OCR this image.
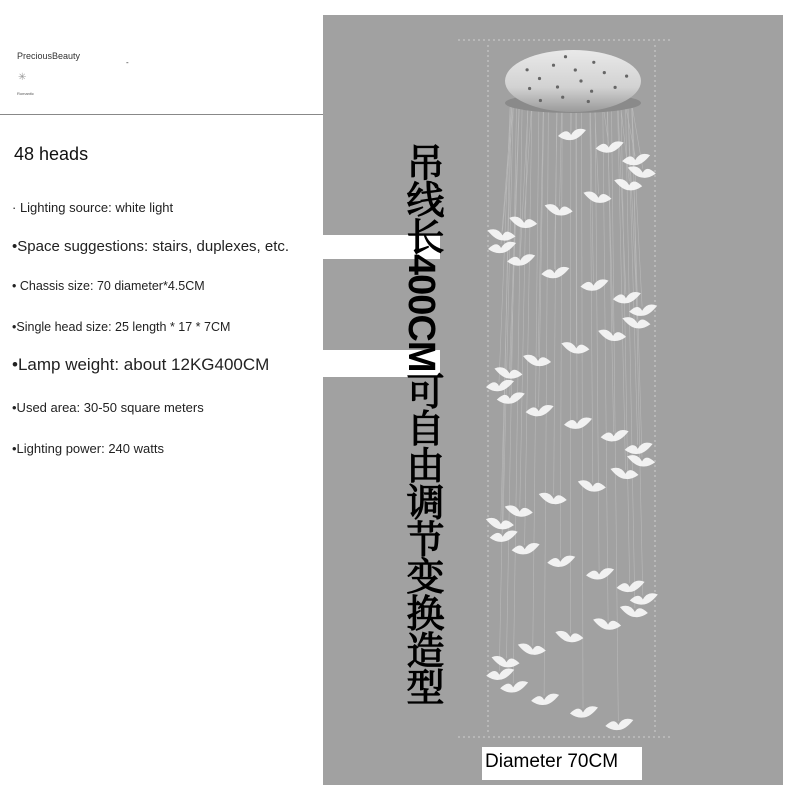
PreciousBeauty
-
✳
Romantic
48 heads
· Lighting source: white light
•Space suggestions: stairs, duplexes, etc.
• Chassis size: 70 diameter*4.5CM
•Single head size: 25 length * 17 * 7CM
•Lamp weight: about 12KG400CM
•Used area: 30-50 square meters
•Lighting power: 240 watts	吊线长400CM可自由调节变换造型
Diameter 70CM
